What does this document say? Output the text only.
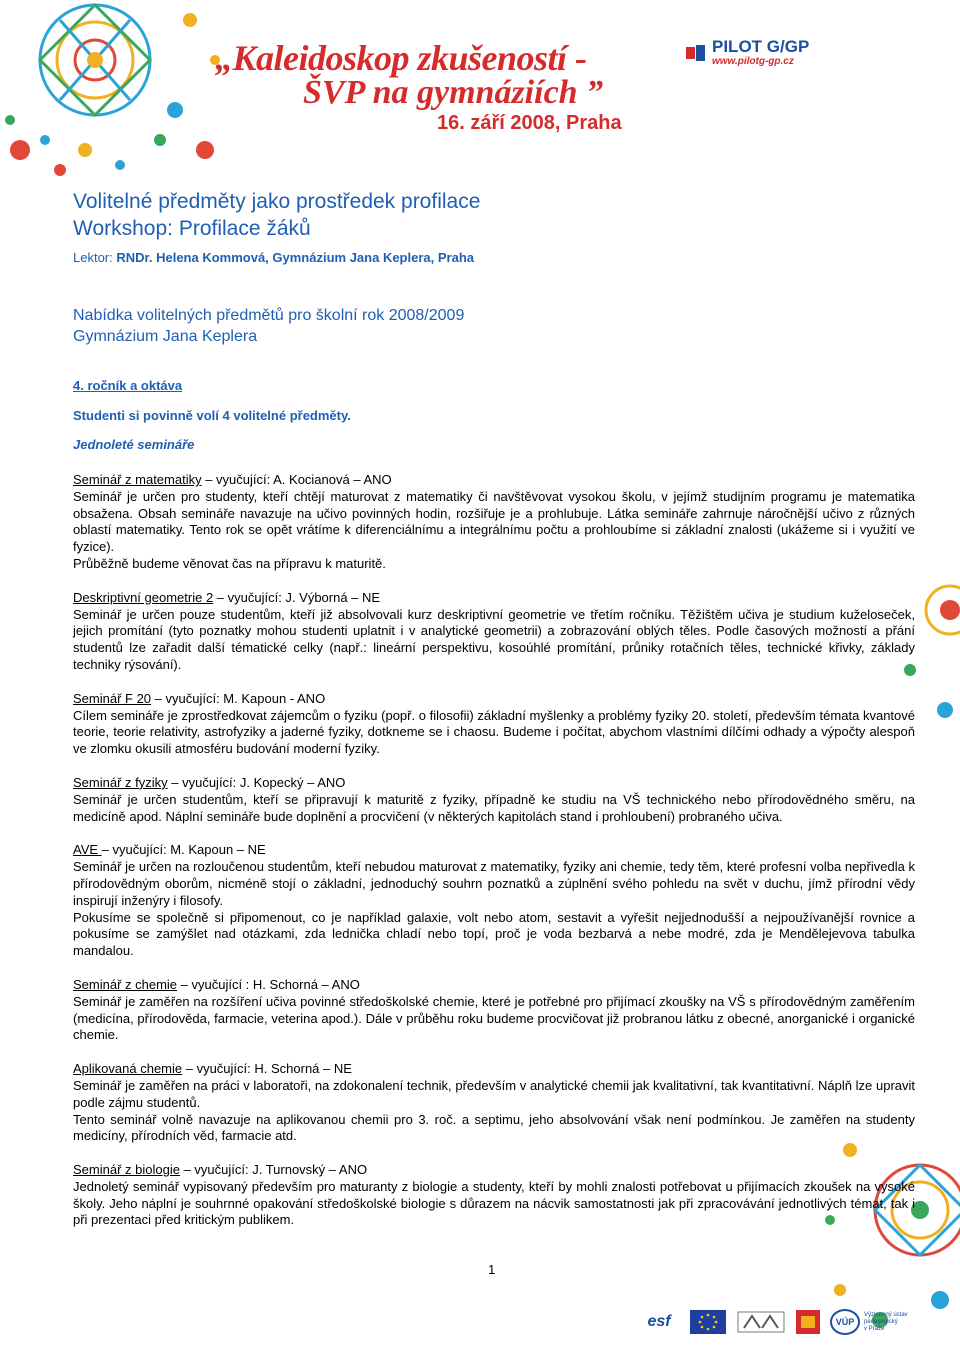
„Kaleidoskop zkušeností -
ŠVP na gymnáziích ”
16. září 2008, Praha
PILOT G/GP
www.pilotg-gp.cz
Volitelné předměty jako prostředek profilace
Workshop: Profilace žáků
Lektor: RNDr. Helena Kommová, Gymnázium Jana Keplera, Praha
Nabídka volitelných předmětů pro školní rok 2008/2009
Gymnázium Jana Keplera
4. ročník a oktáva
Studenti si povinně volí 4 volitelné předměty.
Jednoleté semináře
Seminář z matematiky – vyučující: A. Kocianová – ANO

Seminář je určen pro studenty, kteří chtějí maturovat z matematiky či navštěvovat vysokou školu, v jejímž studijním programu je matematika obsažena. Obsah semináře navazuje na učivo povinných hodin, rozšiřuje je a prohlubuje. Látka semináře zahrnuje náročnější učivo z různých oblastí matematiky. Tento rok se opět vrátíme k diferenciálnímu a integrálnímu počtu a prohloubíme si základní znalosti (ukážeme si i využití ve fyzice).

Průběžně budeme věnovat čas na přípravu k maturitě.

Deskriptivní geometrie 2 – vyučující: J. Výborná – NE

Seminář je určen pouze studentům, kteří již absolvovali kurz deskriptivní geometrie ve třetím ročníku. Těžištěm učiva je studium kuželoseček, jejich promítání (tyto poznatky mohou studenti uplatnit i v analytické geometrii) a zobrazování oblých těles. Podle časových možností a přání studentů lze zařadit další tématické celky (např.: lineární perspektivu, kosoúhlé promítání, průniky rotačních těles, technické křivky, základy techniky rýsování).

Seminář F 20 – vyučující: M. Kapoun - ANO

Cílem semináře je zprostředkovat zájemcům o fyziku (popř. o filosofii) základní myšlenky a problémy fyziky 20. století, především témata kvantové teorie, teorie relativity, astrofyziky a jaderné fyziky, dotkneme se i chaosu. Budeme i počítat, abychom vlastními dílčími odhady a výpočty alespoň ve zlomku okusili atmosféru budování moderní fyziky.

Seminář z fyziky – vyučující: J. Kopecký – ANO

Seminář je určen studentům, kteří se připravují k maturitě z fyziky, případně ke studiu na VŠ technického nebo přírodovědného směru, na medicíně apod. Náplní semináře bude doplnění a procvičení (v některých kapitolách stand i prohloubení) probraného učiva.

AVE – vyučující: M. Kapoun – NE

Seminář je určen na rozloučenou studentům, kteří nebudou maturovat z matematiky, fyziky ani chemie, tedy těm, které profesní volba nepřivedla k přírodovědným oborům, nicméně stojí o základní, jednoduchý souhrn poznatků a zúplnění svého pohledu na svět v duchu, jímž přírodní vědy inspirují inženýry i filosofy.

Pokusíme se společně si připomenout, co je například galaxie, volt nebo atom, sestavit a vyřešit nejjednodušší a nejpoužívanější rovnice a pokusíme se zamýšlet nad otázkami, zda lednička chladí nebo topí, proč je voda bezbarvá a nebe modré, zda je Mendělejevova tabulka mandalou.

Seminář z chemie – vyučující : H. Schorná – ANO

Seminář je zaměřen na rozšíření učiva povinné středoškolské chemie, které je potřebné pro přijímací zkoušky na VŠ s přírodovědným zaměřením (medicína, přírodověda, farmacie, veterina apod.). Dále v průběhu roku budeme procvičovat již probranou látku z obecné, anorganické i organické chemie.

Aplikovaná chemie – vyučující: H. Schorná – NE

Seminář je zaměřen na práci v laboratoři, na zdokonalení technik, především v analytické chemii jak kvalitativní, tak kvantitativní. Náplň lze upravit podle zájmu studentů.

Tento seminář volně navazuje na aplikovanou chemii pro 3. roč. a septimu, jeho absolvování však není podmínkou. Je zaměřen na studenty medicíny, přírodních věd, farmacie atd.

Seminář z biologie – vyučující: J. Turnovský – ANO

Jednoletý seminář vypisovaný především pro maturanty z biologie a studenty, kteří by mohli znalosti potřebovat u přijímacích zkoušek na vysoké školy. Jeho náplní je souhrnné opakování středoškolské biologie s důrazem na nácvik samostatnosti jak při zpracovávání jednotlivých témat, tak i při prezentaci před kritickým publikem.

1
esf	VÚP
Výzkumný ústav
pedagogický
v Praze
